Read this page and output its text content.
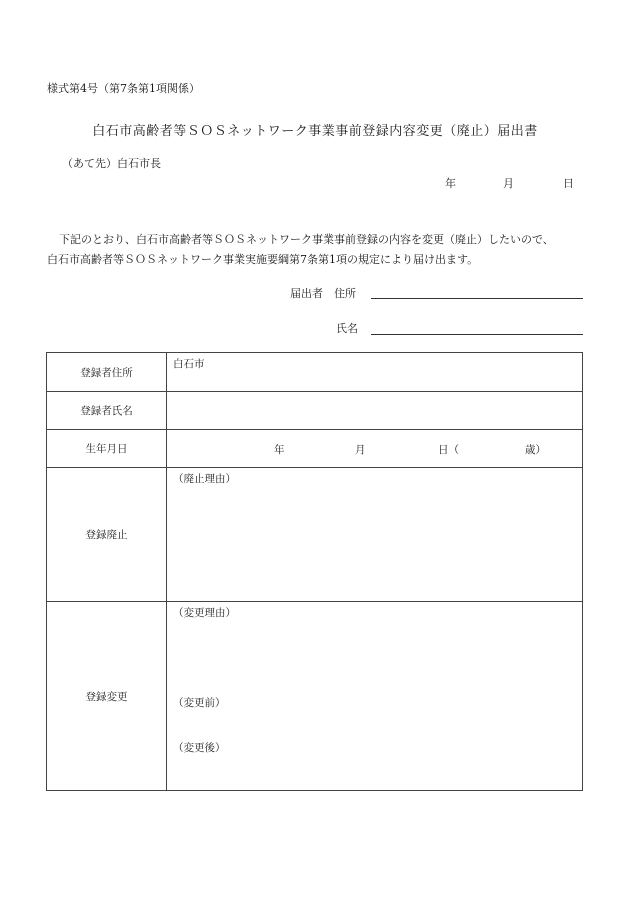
様式第4号（第7条第1項関係）
白石市高齢者等ＳＯＳネットワーク事業事前登録内容変更（廃止）届出書
（あて先）白石市長
年	月	日

下記のとおり、白石市高齢者等ＳＯＳネットワーク事業事前登録の内容を変更（廃止）したいので、

白石市高齢者等ＳＯＳネットワーク事業実施要綱第7条第1項の規定により届け出ます。

届出者　住所
氏名
登録者住所	白石市

登録者氏名	
生年月日	年 月 日（ 歳）

登録廃止	（廃止理由）

登録変更	（変更理由）
（変更前）
（変更後）
